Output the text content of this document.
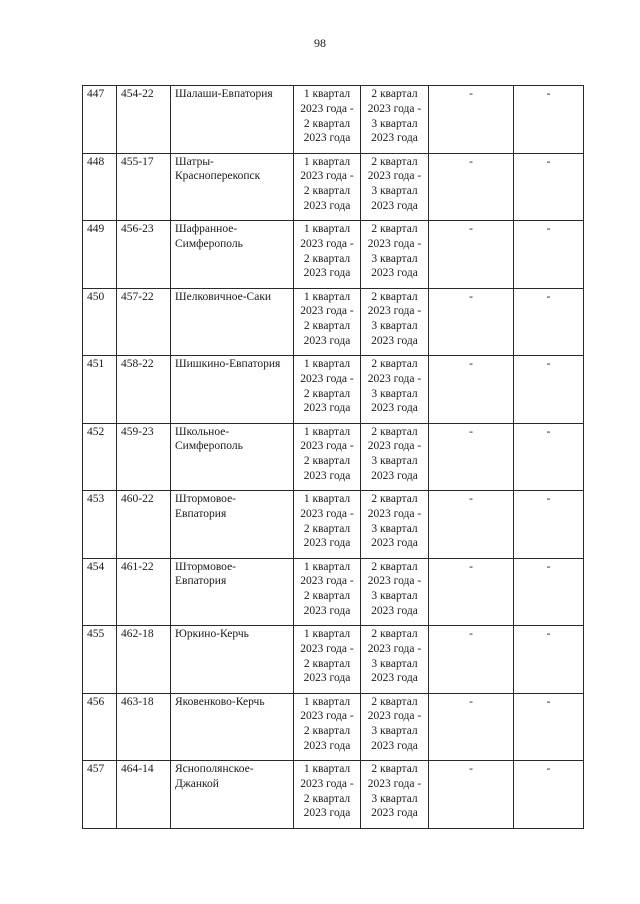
98
447	454-22	Шалаши-Евпатория	1 квартал
2023 года -
2 квартал
2023 года	2 квартал
2023 года -
3 квартал
2023 года	-	-
448	455-17	Шатры-
Красноперекопск	1 квартал
2023 года -
2 квартал
2023 года	2 квартал
2023 года -
3 квартал
2023 года	-	-
449	456-23	Шафранное-
Симферополь	1 квартал
2023 года -
2 квартал
2023 года	2 квартал
2023 года -
3 квартал
2023 года	-	-
450	457-22	Шелковичное-Саки	1 квартал
2023 года -
2 квартал
2023 года	2 квартал
2023 года -
3 квартал
2023 года	-	-
451	458-22	Шишкино-Евпатория	1 квартал
2023 года -
2 квартал
2023 года	2 квартал
2023 года -
3 квартал
2023 года	-	-
452	459-23	Школьное-
Симферополь	1 квартал
2023 года -
2 квартал
2023 года	2 квартал
2023 года -
3 квартал
2023 года	-	-
453	460-22	Штормовое-
Евпатория	1 квартал
2023 года -
2 квартал
2023 года	2 квартал
2023 года -
3 квартал
2023 года	-	-
454	461-22	Штормовое-
Евпатория	1 квартал
2023 года -
2 квартал
2023 года	2 квартал
2023 года -
3 квартал
2023 года	-	-
455	462-18	Юркино-Керчь	1 квартал
2023 года -
2 квартал
2023 года	2 квартал
2023 года -
3 квартал
2023 года	-	-
456	463-18	Яковенково-Керчь	1 квартал
2023 года -
2 квартал
2023 года	2 квартал
2023 года -
3 квартал
2023 года	-	-
457	464-14	Яснополянское-
Джанкой	1 квартал
2023 года -
2 квартал
2023 года	2 квартал
2023 года -
3 квартал
2023 года	-	-
